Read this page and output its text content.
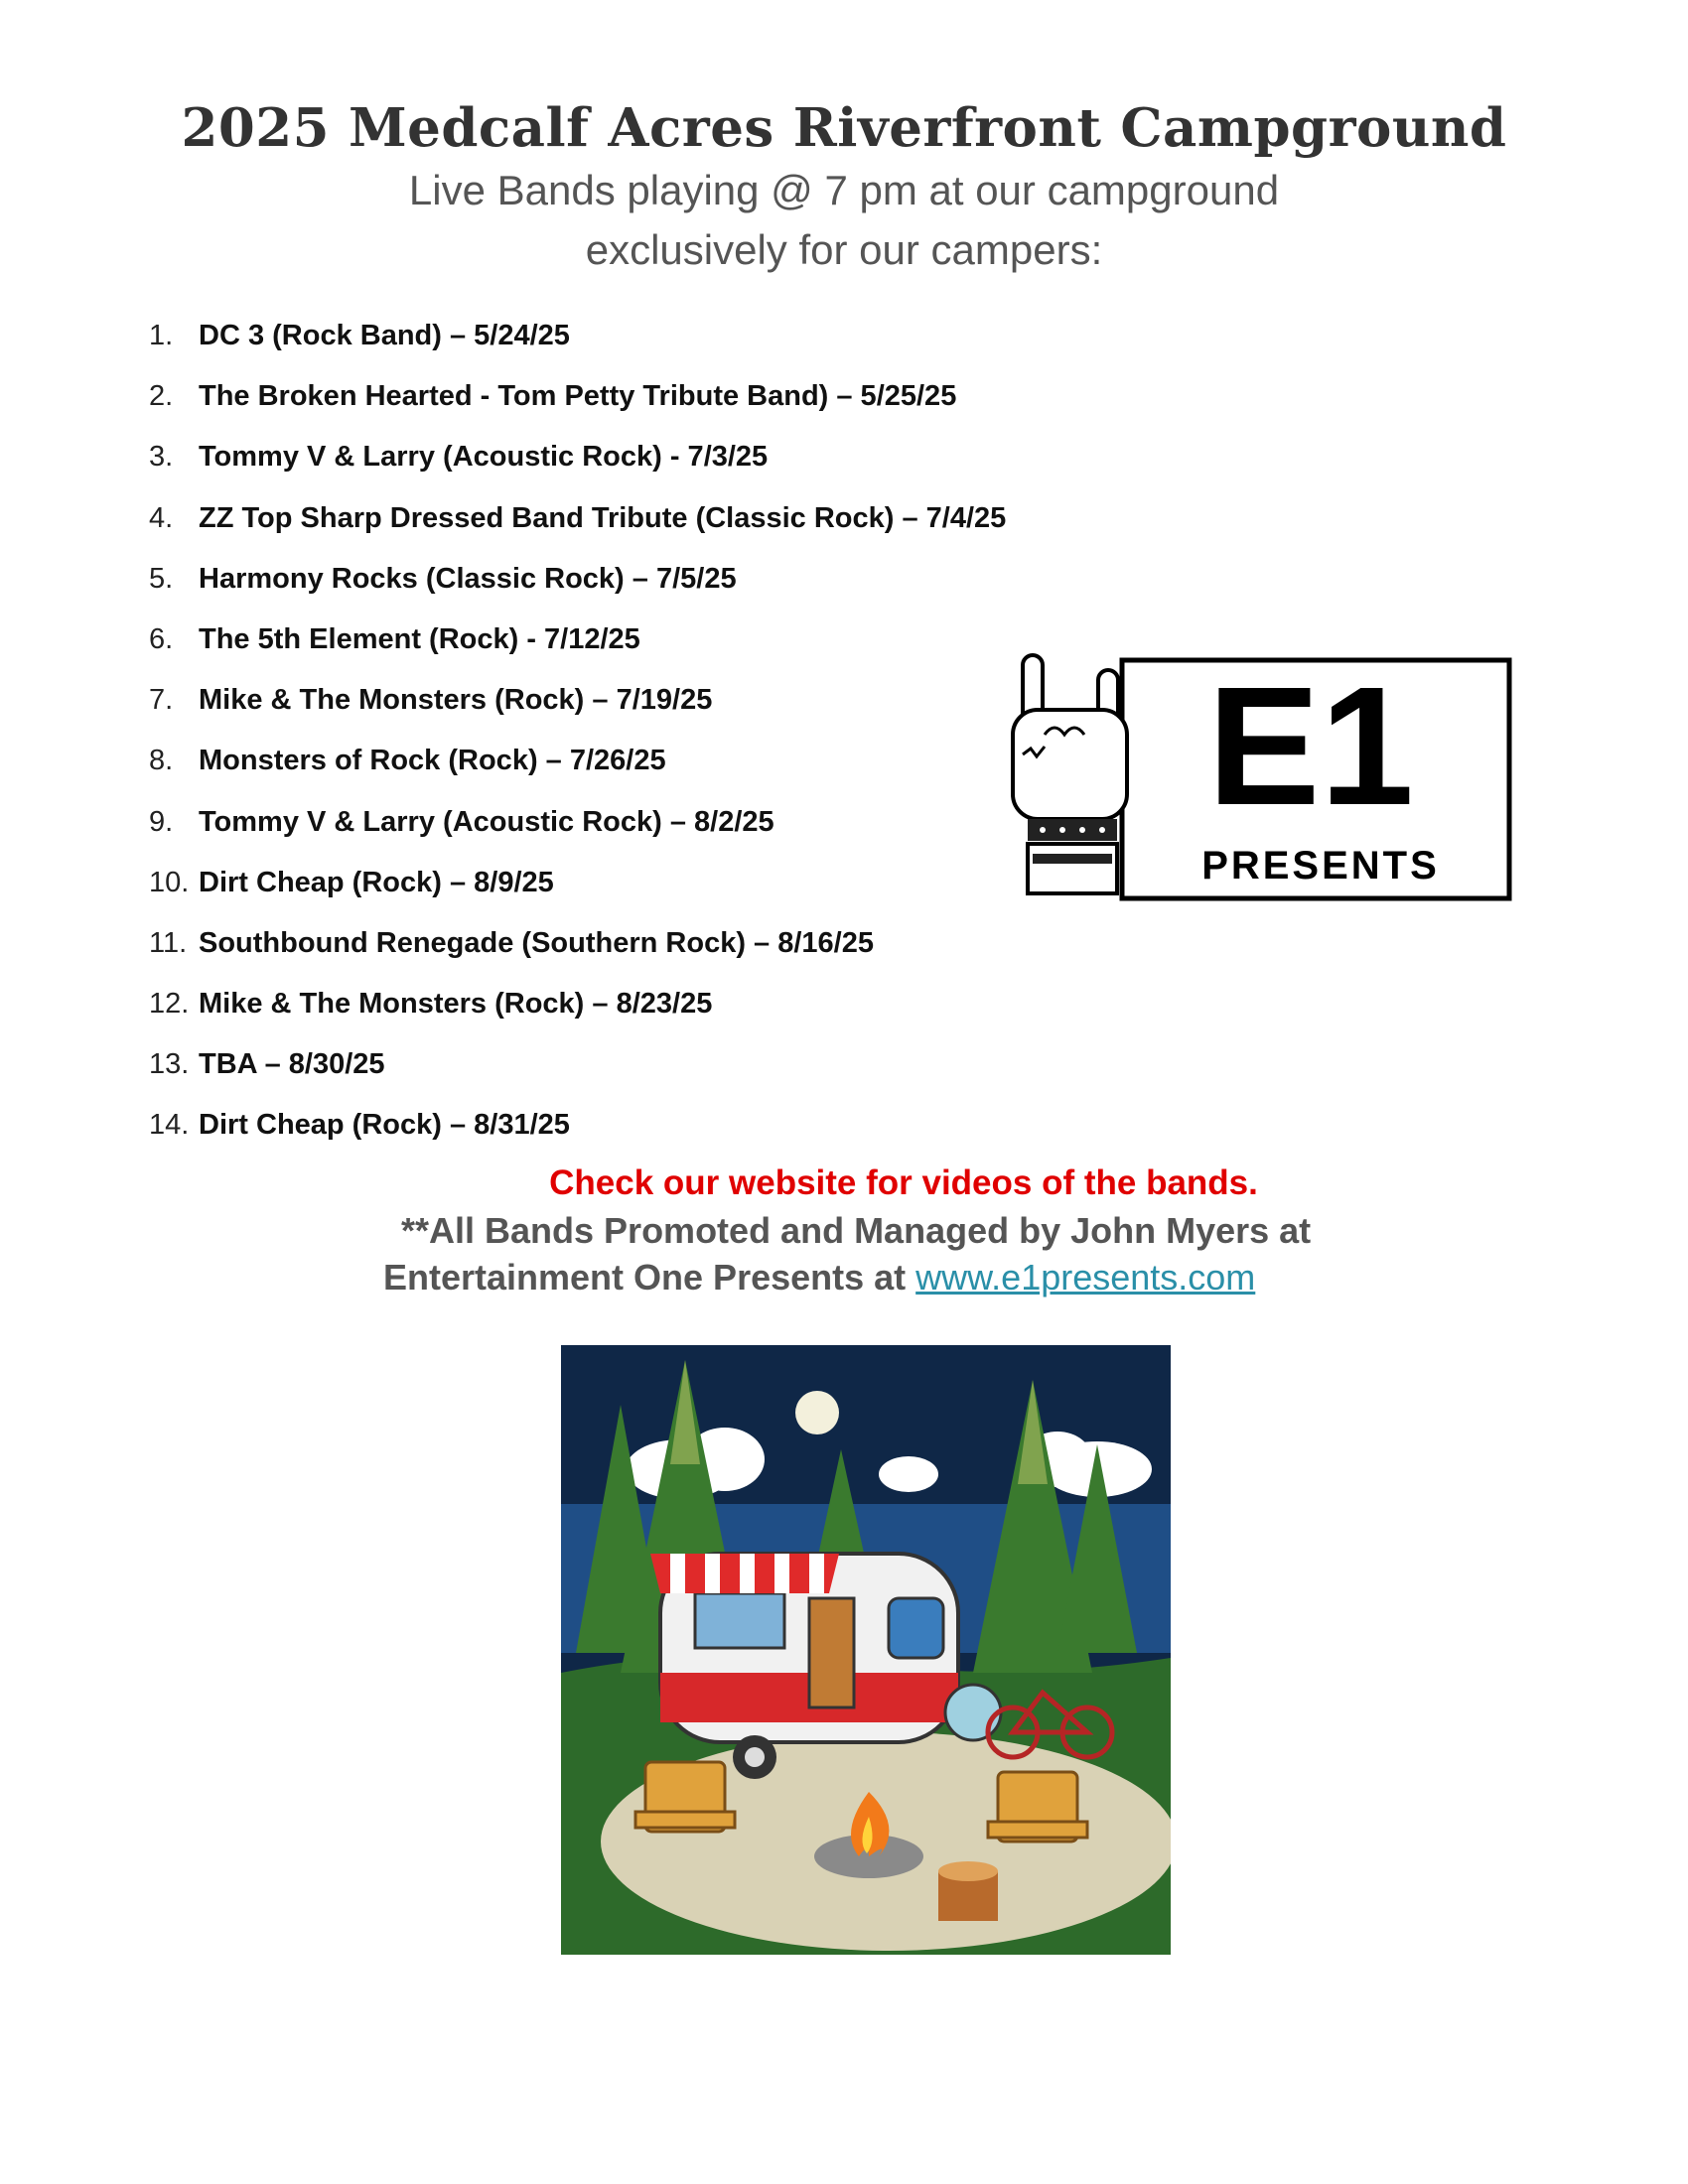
2025 Medcalf Acres Riverfront Campground
Live Bands playing @ 7 pm at our campground
exclusively for our campers:
1. DC 3 (Rock Band) – 5/24/25
2. The Broken Hearted - Tom Petty Tribute Band) – 5/25/25
3. Tommy V & Larry (Acoustic Rock) - 7/3/25
4. ZZ Top Sharp Dressed Band Tribute (Classic Rock) – 7/4/25
5. Harmony Rocks (Classic Rock) – 7/5/25
6. The 5th Element (Rock) - 7/12/25
7. Mike & The Monsters (Rock) – 7/19/25
8. Monsters of Rock (Rock) – 7/26/25
9. Tommy V & Larry (Acoustic Rock) – 8/2/25
10. Dirt Cheap (Rock) – 8/9/25
11. Southbound Renegade (Southern Rock) – 8/16/25
12. Mike & The Monsters (Rock) – 8/23/25
13. TBA – 8/30/25
14. Dirt Cheap (Rock) – 8/31/25
E1
PRESENTS
Check our website for videos of the bands.
**All Bands Promoted and Managed by John Myers at
Entertainment One Presents at www.e1presents.com
